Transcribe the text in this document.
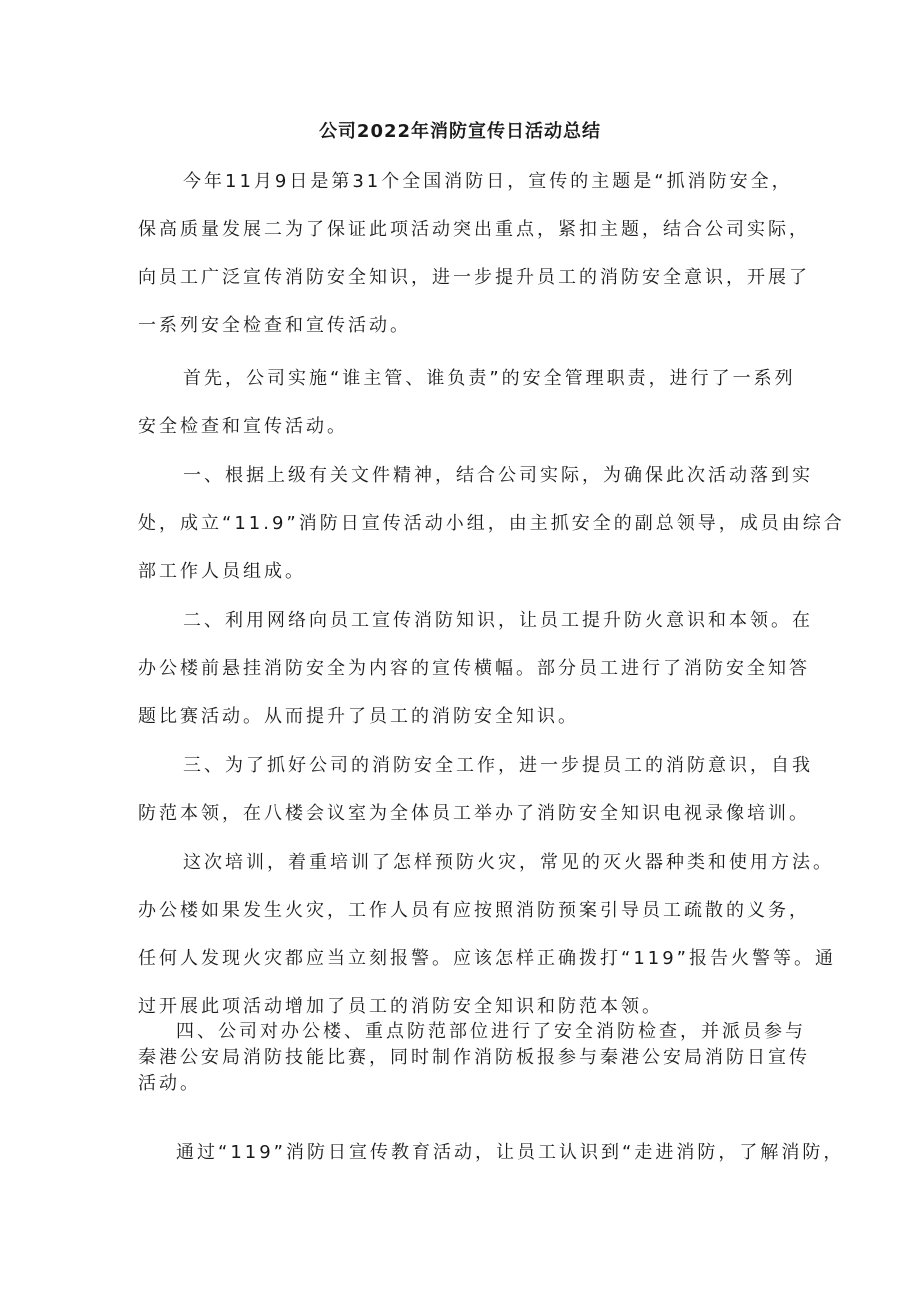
公司2022年消防宣传日活动总结

今年11月9日是第31个全国消防日，宣传的主题是“抓消防安全，
保高质量发展二为了保证此项活动突出重点，紧扣主题，结合公司实际，
向员工广泛宣传消防安全知识，进一步提升员工的消防安全意识，开展了
一系列安全检查和宣传活动。

首先，公司实施“谁主管、谁负责”的安全管理职责，进行了一系列
安全检查和宣传活动。

一、根据上级有关文件精神，结合公司实际，为确保此次活动落到实
处，成立“11.9”消防日宣传活动小组，由主抓安全的副总领导，成员由综合
部工作人员组成。

二、利用网络向员工宣传消防知识，让员工提升防火意识和本领。在
办公楼前悬挂消防安全为内容的宣传横幅。部分员工进行了消防安全知答
题比赛活动。从而提升了员工的消防安全知识。

三、为了抓好公司的消防安全工作，进一步提员工的消防意识，自我
防范本领，在八楼会议室为全体员工举办了消防安全知识电视录像培训。

这次培训，着重培训了怎样预防火灾，常见的灭火器种类和使用方法。
办公楼如果发生火灾，工作人员有应按照消防预案引导员工疏散的义务，
任何人发现火灾都应当立刻报警。应该怎样正确拨打“119”报告火警等。通
过开展此项活动增加了员工的消防安全知识和防范本领。

四、公司对办公楼、重点防范部位进行了安全消防检查，并派员参与
秦港公安局消防技能比赛，同时制作消防板报参与秦港公安局消防日宣传
活动。

通过“119”消防日宣传教育活动，让员工认识到“走进消防，了解消防，
